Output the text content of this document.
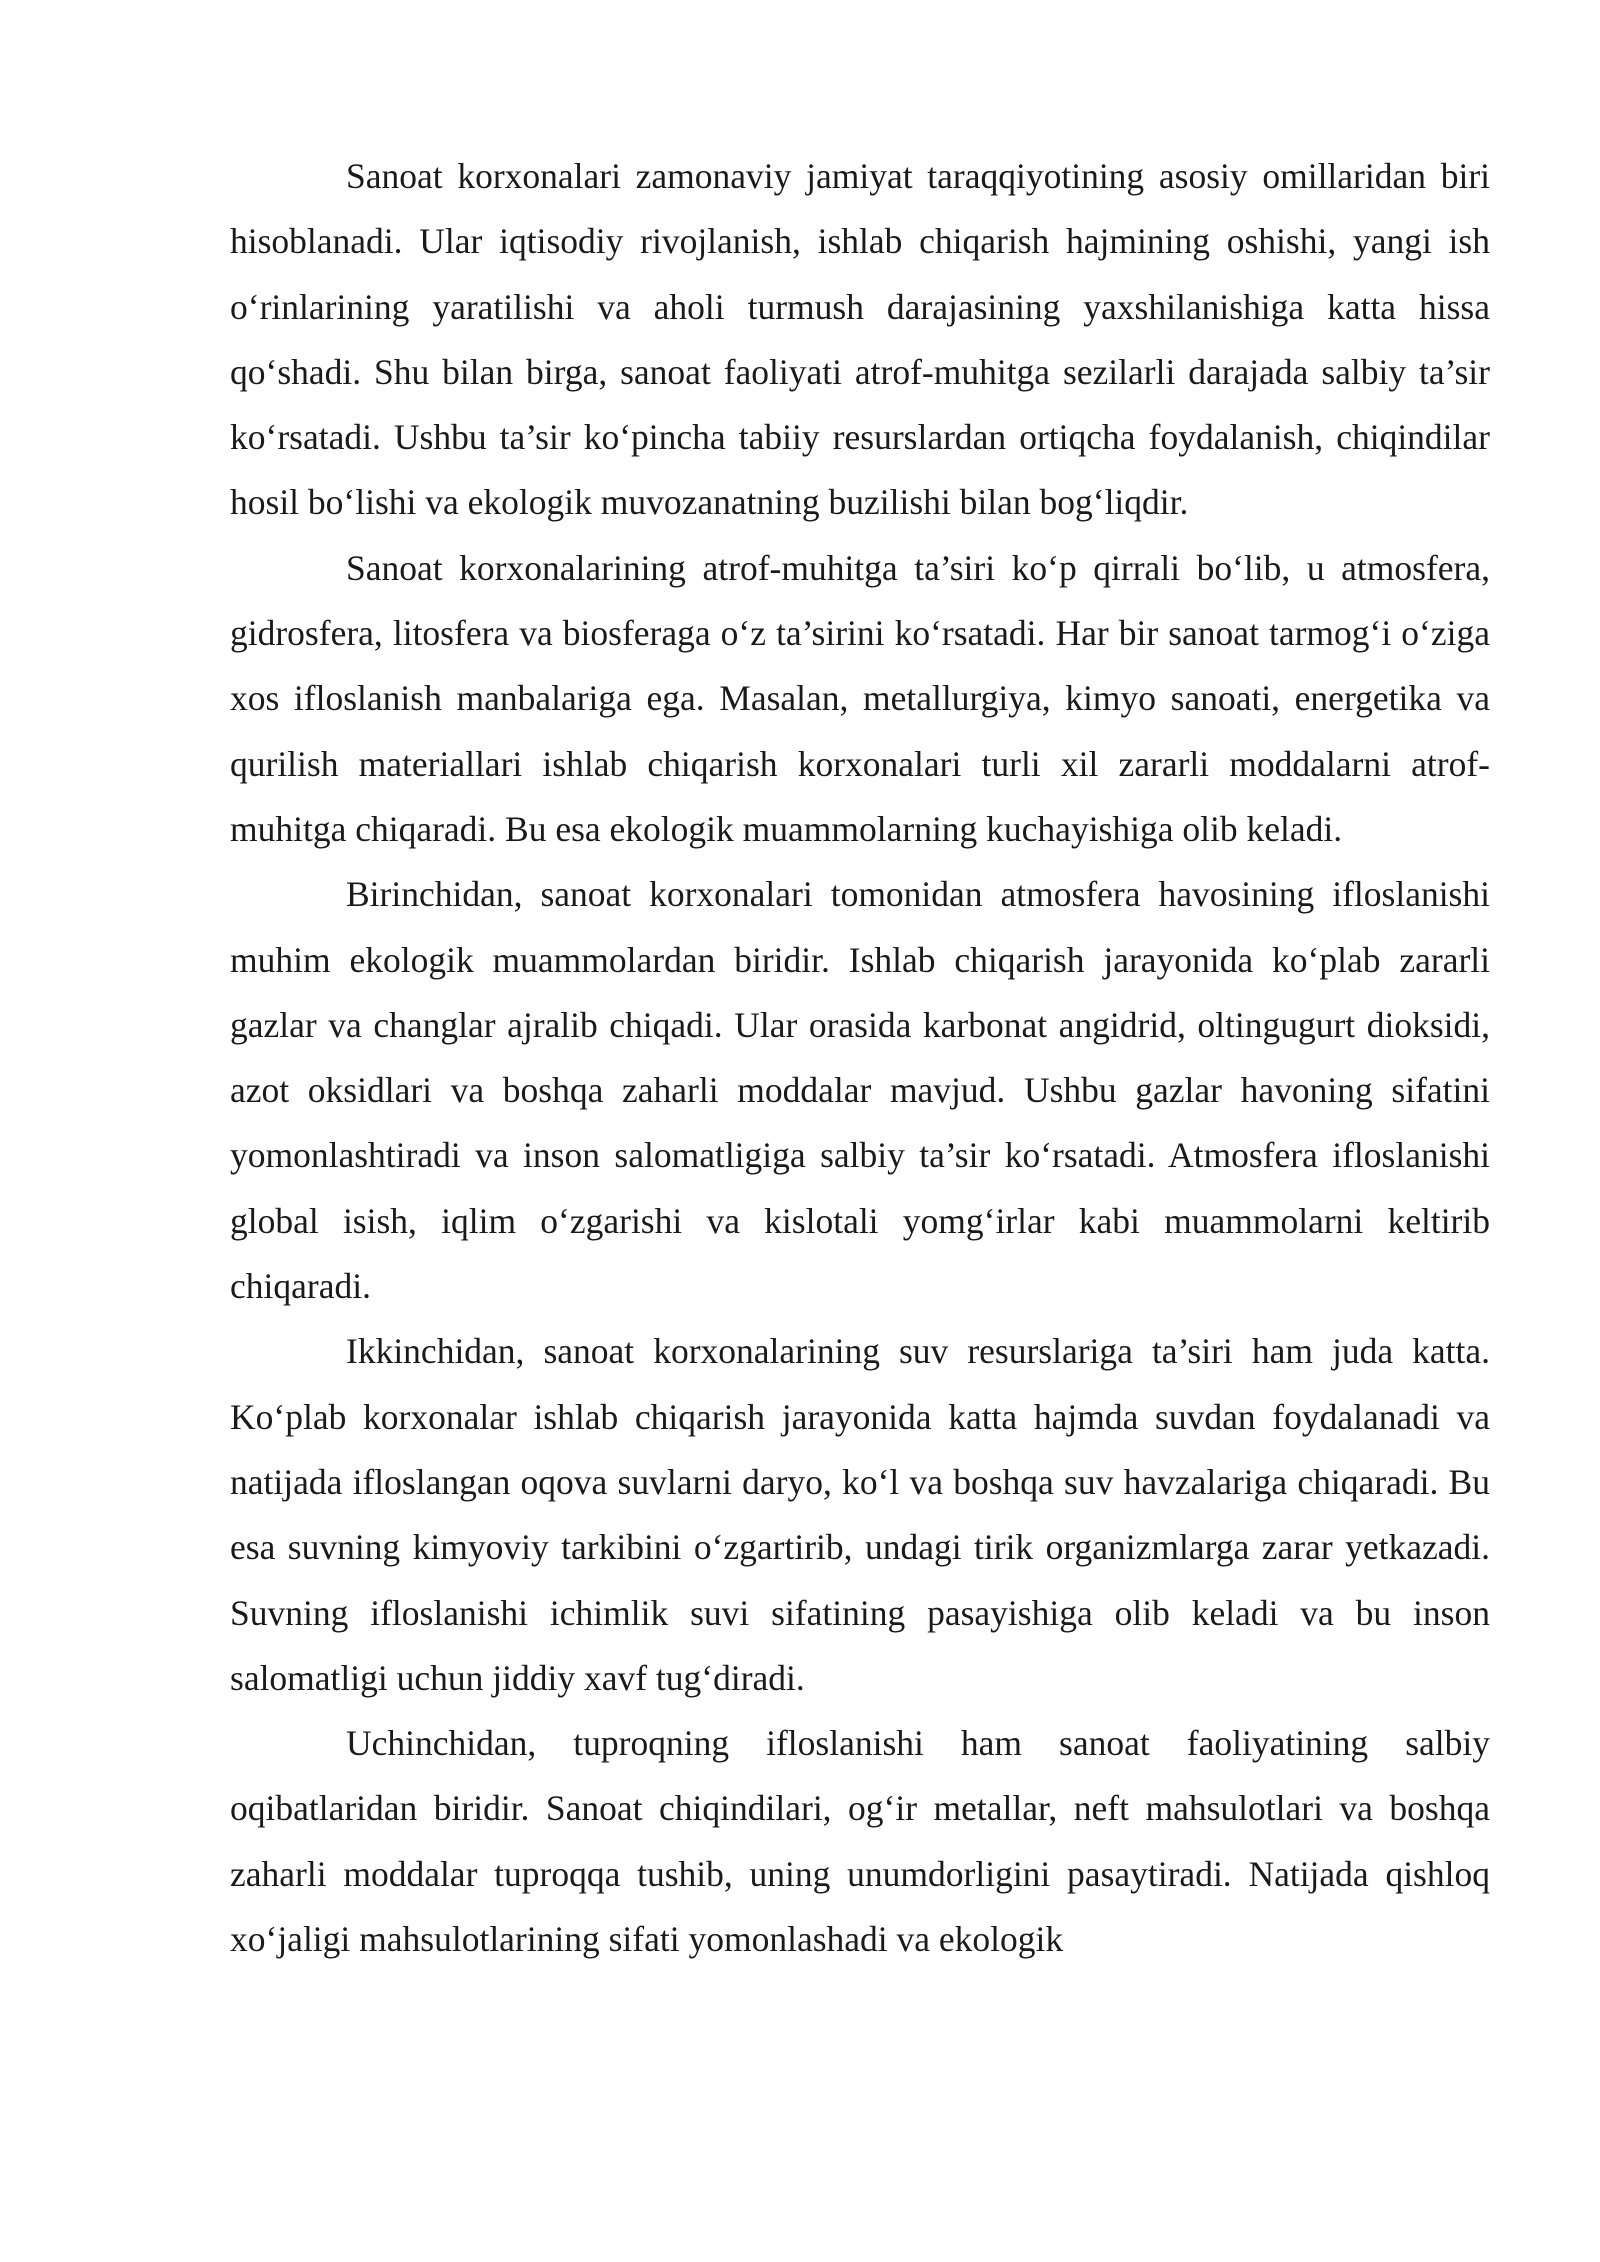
Sanoat korxonalari zamonaviy jamiyat taraqqiyotining asosiy omillaridan biri hisoblanadi. Ular iqtisodiy rivojlanish, ishlab chiqarish hajmining oshishi, yangi ish o‘rinlarining yaratilishi va aholi turmush darajasining yaxshilanishiga katta hissa qo‘shadi. Shu bilan birga, sanoat faoliyati atrof-muhitga sezilarli darajada salbiy ta’sir ko‘rsatadi. Ushbu ta’sir ko‘pincha tabiiy resurslardan ortiqcha foydalanish, chiqindilar hosil bo‘lishi va ekologik muvozanatning buzilishi bilan bog‘liqdir.

Sanoat korxonalarining atrof-muhitga ta’siri ko‘p qirrali bo‘lib, u atmosfera, gidrosfera, litosfera va biosferaga o‘z ta’sirini ko‘rsatadi. Har bir sanoat tarmog‘i o‘ziga xos ifloslanish manbalariga ega. Masalan, metallurgiya, kimyo sanoati, energetika va qurilish materiallari ishlab chiqarish korxonalari turli xil zararli moddalarni atrof-muhitga chiqaradi. Bu esa ekologik muammolarning kuchayishiga olib keladi.

Birinchidan, sanoat korxonalari tomonidan atmosfera havosining ifloslanishi muhim ekologik muammolardan biridir. Ishlab chiqarish jarayonida ko‘plab zararli gazlar va changlar ajralib chiqadi. Ular orasida karbonat angidrid, oltingugurt dioksidi, azot oksidlari va boshqa zaharli moddalar mavjud. Ushbu gazlar havoning sifatini yomonlashtiradi va inson salomatligiga salbiy ta’sir ko‘rsatadi. Atmosfera ifloslanishi global isish, iqlim o‘zgarishi va kislotali yomg‘irlar kabi muammolarni keltirib chiqaradi.

Ikkinchidan, sanoat korxonalarining suv resurslariga ta’siri ham juda katta. Ko‘plab korxonalar ishlab chiqarish jarayonida katta hajmda suvdan foydalanadi va natijada ifloslangan oqova suvlarni daryo, ko‘l va boshqa suv havzalariga chiqaradi. Bu esa suvning kimyoviy tarkibini o‘zgartirib, undagi tirik organizmlarga zarar yetkazadi. Suvning ifloslanishi ichimlik suvi sifatining pasayishiga olib keladi va bu inson salomatligi uchun jiddiy xavf tug‘diradi.

Uchinchidan, tuproqning ifloslanishi ham sanoat faoliyatining salbiy oqibatlaridan biridir. Sanoat chiqindilari, og‘ir metallar, neft mahsulotlari va boshqa zaharli moddalar tuproqqa tushib, uning unumdorligini pasaytiradi. Natijada qishloq xo‘jaligi mahsulotlarining sifati yomonlashadi va ekologik
